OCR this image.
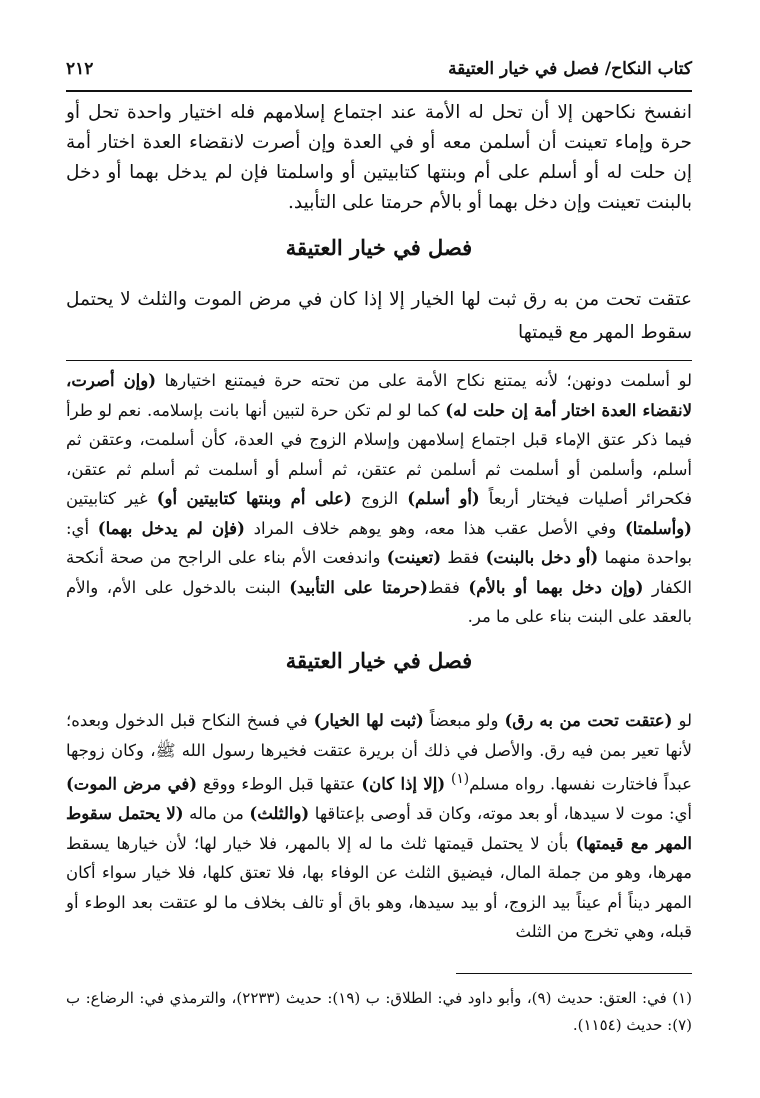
كتاب النكاح/ فصل في خيار العتيقة
٢١٢

انفسخ نكاحهن إلا أن تحل له الأمة عند اجتماع إسلامهم فله اختيار واحدة تحل أو حرة وإماء تعينت أن أسلمن معه أو في العدة وإن أصرت لانقضاء العدة اختار أمة إن حلت له أو أسلم على أم وبنتها كتابيتين أو واسلمتا فإن لم يدخل بهما أو دخل بالبنت تعينت وإن دخل بهما أو بالأم حرمتا على التأبيد.

فصل في خيار العتيقة

عتقت تحت من به رق ثبت لها الخيار إلا إذا كان في مرض الموت والثلث لا يحتمل سقوط المهر مع قيمتها

لو أسلمت دونهن؛ لأنه يمتنع نكاح الأمة على من تحته حرة فيمتنع اختيارها (وإن أصرت، لانقضاء العدة اختار أمة إن حلت له) كما لو لم تكن حرة لتبين أنها بانت بإسلامه. نعم لو طرأ فيما ذكر عتق الإماء قبل اجتماع إسلامهن وإسلام الزوج في العدة، كأن أسلمت، وعتقن ثم أسلم، وأسلمن أو أسلمت ثم أسلمن ثم عتقن، ثم أسلم أو أسلمت ثم أسلم ثم عتقن، فكحرائر أصليات فيختار أربعاً (أو أسلم) الزوج (على أم وبنتها كتابيتين أو) غير كتابيتين (وأسلمتا) وفي الأصل عقب هذا معه، وهو يوهم خلاف المراد (فإن لم يدخل بهما) أي: بواحدة منهما (أو دخل بالبنت) فقط (تعينت) واندفعت الأم بناء على الراجح من صحة أنكحة الكفار (وإن دخل بهما أو بالأم) فقط(حرمتا على التأبيد) البنت بالدخول على الأم، والأم بالعقد على البنت بناء على ما مر.

فصل في خيار العتيقة

لو (عتقت تحت من به رق) ولو مبعضاً (ثبت لها الخيار) في فسخ النكاح قبل الدخول وبعده؛ لأنها تعير بمن فيه رق. والأصل في ذلك أن بريرة عتقت فخيرها رسول الله ﷺ، وكان زوجها عبداً فاختارت نفسها. رواه مسلم$^{(١)}$ (إلا إذا كان) عتقها قبل الوطء ووقع (في مرض الموت) أي: موت لا سيدها، أو بعد موته، وكان قد أوصى بإعتاقها (والثلث) من ماله (لا يحتمل سقوط المهر مع قيمتها) بأن لا يحتمل قيمتها ثلث ما له إلا بالمهر، فلا خيار لها؛ لأن خيارها يسقط مهرها، وهو من جملة المال، فيضيق الثلث عن الوفاء بها، فلا تعتق كلها، فلا خيار سواء أكان المهر ديناً أم عيناً بيد الزوج، أو بيد سيدها، وهو باق أو تالف بخلاف ما لو عتقت بعد الوطء أو قبله، وهي تخرج من الثلث

(١) في: العتق: حديث (٩)، وأبو داود في: الطلاق: ب (١٩): حديث (٢٢٣٣)، والترمذي في: الرضاع: ب (٧): حديث (١١٥٤).
